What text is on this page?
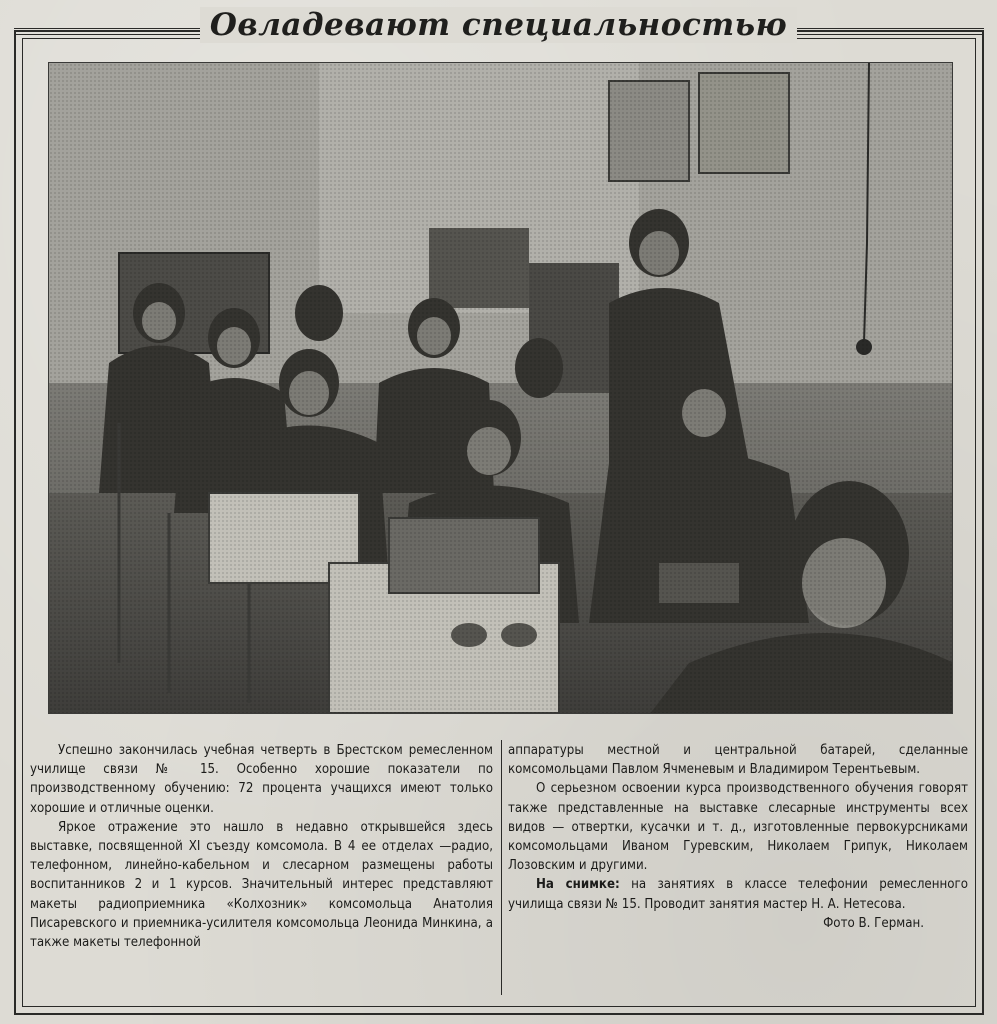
Овладевают специальностью

Успешно закончилась учебная четверть в Брестском ремесленном училище связи № 15. Особенно хорошие показатели по производственному обучению: 72 процента учащихся имеют только хорошие и отличные оценки.

Яркое отражение это нашло в недавно открывшейся здесь выставке, посвященной XI съезду комсомола. В 4 ее отделах —радио, телефонном, линейно-кабельном и слесарном размещены работы воспитанников 2 и 1 курсов. Значительный интерес представляют макеты радиоприемника «Колхозник» комсомольца Анатолия Писаревского и приемника-усилителя комсомольца Леонида Минкина, а также макеты телефонной

аппаратуры местной и центральной батарей, сделанные комсомольцами Павлом Ячменевым и Владимиром Терентьевым.

О серьезном освоении курса производственного обучения говорят также представленные на выставке слесарные инструменты всех видов — отвертки, кусачки и т. д., изготовленные первокурсниками комсомольцами Иваном Гуревским, Николаем Грипук, Николаем Лозовским и другими.

На снимке: на занятиях в классе телефонии ремесленного училища связи № 15. Проводит занятия мастер Н. А. Нетесова.

Фото В. Герман.
